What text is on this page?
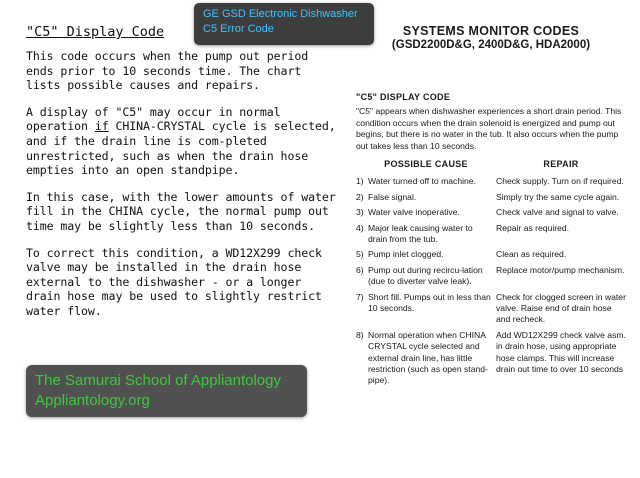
"C5" Display Code

This code occurs when the pump out period ends prior to 10 seconds time. The chart lists possible causes and repairs.

A display of "C5" may occur in normal operation if CHINA-CRYSTAL cycle is selected, and if the drain line is com-pleted unrestricted, such as when the drain hose empties into an open standpipe.

In this case, with the lower amounts of water fill in the CHINA cycle, the normal pump out time may be slightly less than 10 seconds.

To correct this condition, a WD12X299 check valve may be installed in the drain hose external to the dishwasher - or a longer drain hose may be used to slightly restrict water flow.

GE GSD Electronic Dishwasher
C5 Error Code
The Samurai School of Appliantology
Appliantology.org
SYSTEMS MONITOR CODES
(GSD2200D&G, 2400D&G, HDA2000)
"C5" DISPLAY CODE
"C5" appears when dishwasher experiences a short drain period. This condition occurs when the drain solenoid is energized and pump out begins, but there is no water in the tub. It also occurs when the pump out takes less than 10 seconds.
POSSIBLE CAUSE	REPAIR
1) Water turned off to machine.	Check supply. Turn on if required.
2) False signal.	Simply try the same cycle again.
3) Water valve inoperative.	Check valve and signal to valve.
4) Major leak causing water to drain from the tub.
Repair as required.
5) Pump inlet clogged.	Clean as required.
6) Pump out during recircu-lation (due to diverter valve leak).
Replace motor/pump mechanism.
7) Short fill. Pumps out in less than 10 seconds.
Check for clogged screen in water valve. Raise end of drain hose and recheck.
8) Normal operation when CHINA CRYSTAL cycle selected and external drain line, has little restriction (such as open stand-pipe).
Add WD12X299 check valve asm. in drain hose, using appropriate hose clamps. This will increase drain out time to over 10 seconds
